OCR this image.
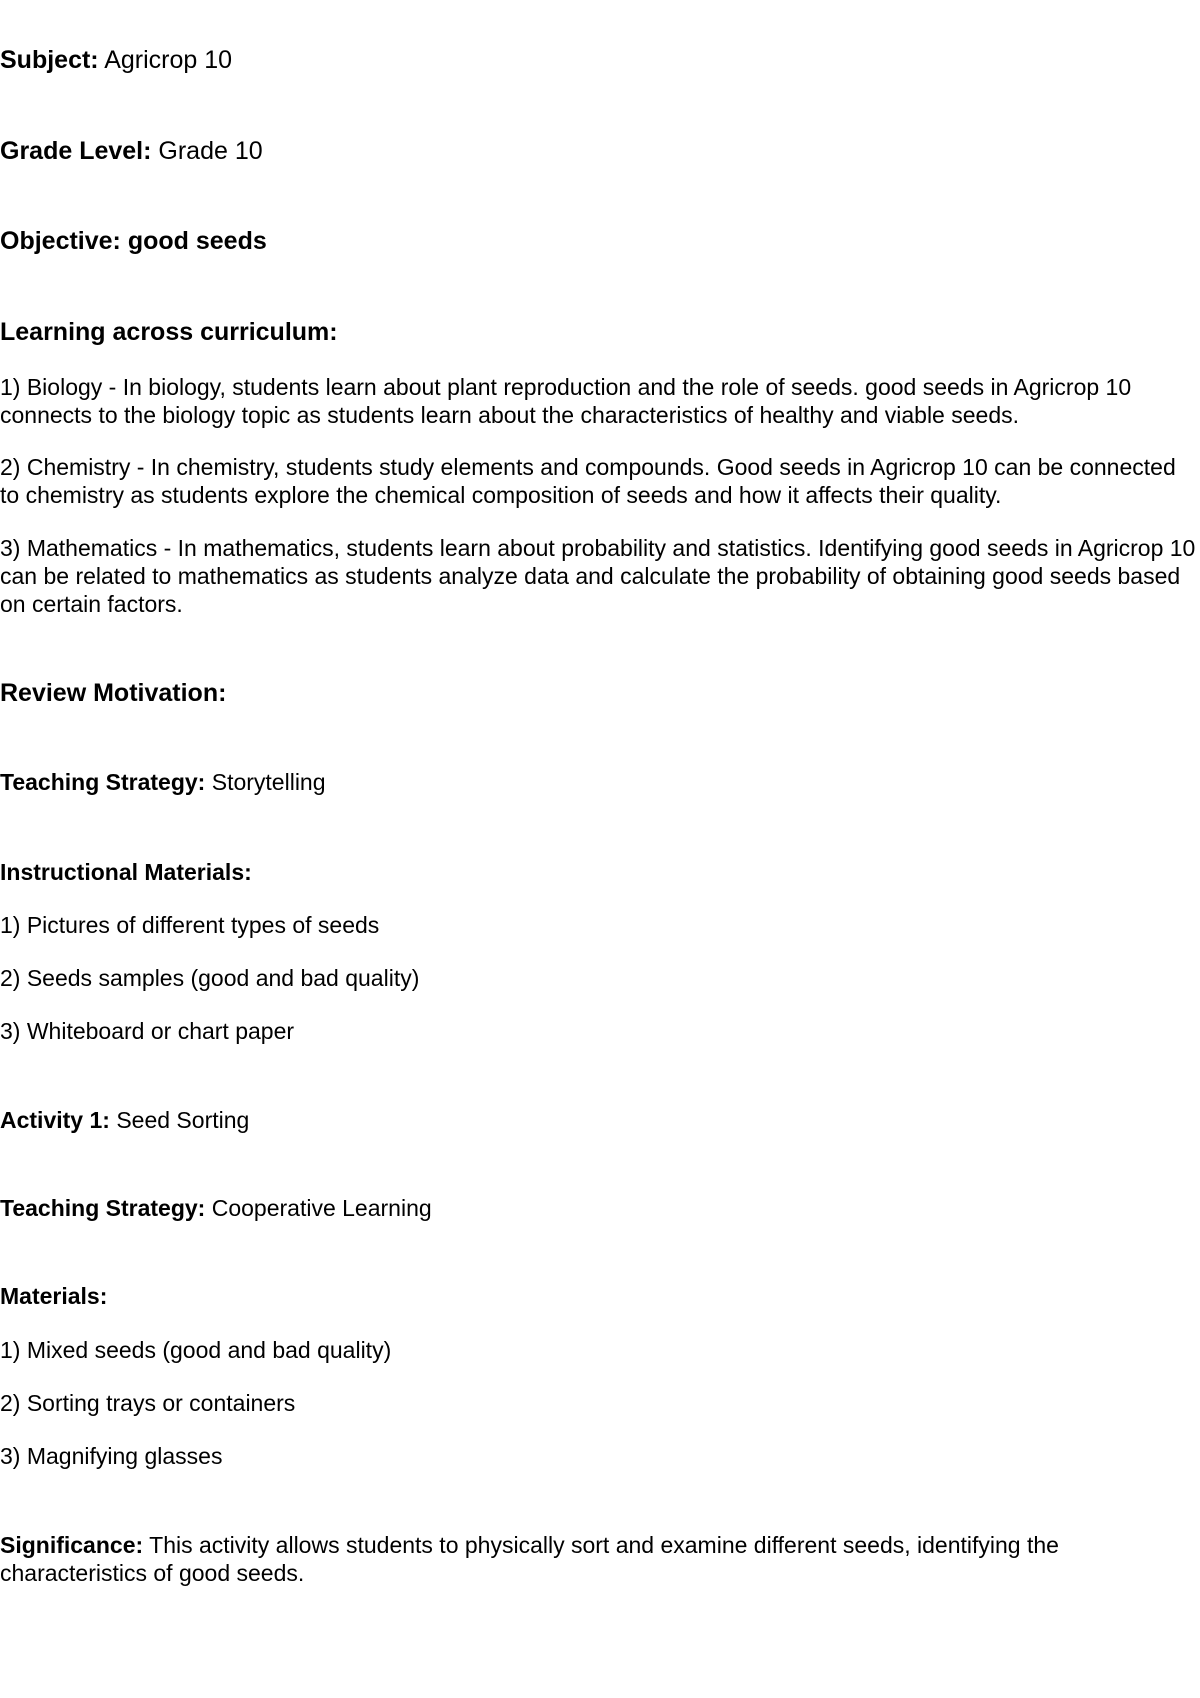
Subject: Agricrop 10

Grade Level: Grade 10

Objective: good seeds

Learning across curriculum:

1) Biology - In biology, students learn about plant reproduction and the role of seeds. good seeds in Agricrop 10 connects to the biology topic as students learn about the characteristics of healthy and viable seeds.

2) Chemistry - In chemistry, students study elements and compounds. Good seeds in Agricrop 10 can be connected to chemistry as students explore the chemical composition of seeds and how it affects their quality.

3) Mathematics - In mathematics, students learn about probability and statistics. Identifying good seeds in Agricrop 10 can be related to mathematics as students analyze data and calculate the probability of obtaining good seeds based on certain factors.

Review Motivation:

Teaching Strategy: Storytelling

Instructional Materials:

1) Pictures of different types of seeds

2) Seeds samples (good and bad quality)

3) Whiteboard or chart paper

Activity 1: Seed Sorting

Teaching Strategy: Cooperative Learning

Materials:

1) Mixed seeds (good and bad quality)

2) Sorting trays or containers

3) Magnifying glasses

Significance: This activity allows students to physically sort and examine different seeds, identifying the characteristics of good seeds.
